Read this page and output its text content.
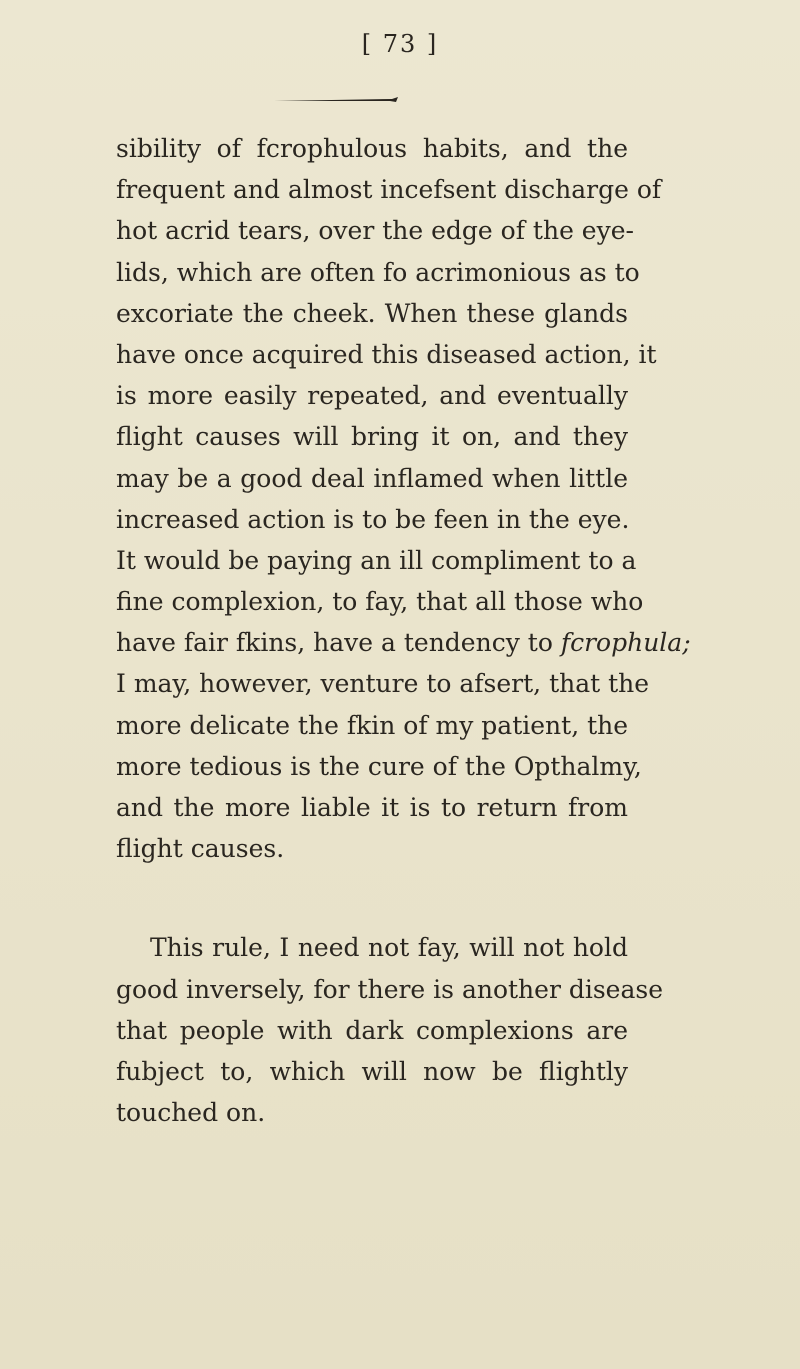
[ 73 ]
sibility of fcrophulous habits, and the
frequent and almost incefsent discharge of
hot acrid tears, over the edge of the eye-
lids, which are often fo acrimonious as to
excoriate the cheek. When these glands
have once acquired this diseased action, it
is more easily repeated, and eventually
flight causes will bring it on, and they
may be a good deal inflamed when little
increased action is to be feen in the eye.
It would be paying an ill compliment to a
fine complexion, to fay, that all those who
have fair fkins, have a tendency to fcrophula;
I may, however, venture to afsert, that the
more delicate the fkin of my patient, the
more tedious is the cure of the Opthalmy,
and the more liable it is to return from
flight causes.
This rule, I need not fay, will not hold
good inversely, for there is another disease
that people with dark complexions are
fubject to, which will now be flightly
touched on.
